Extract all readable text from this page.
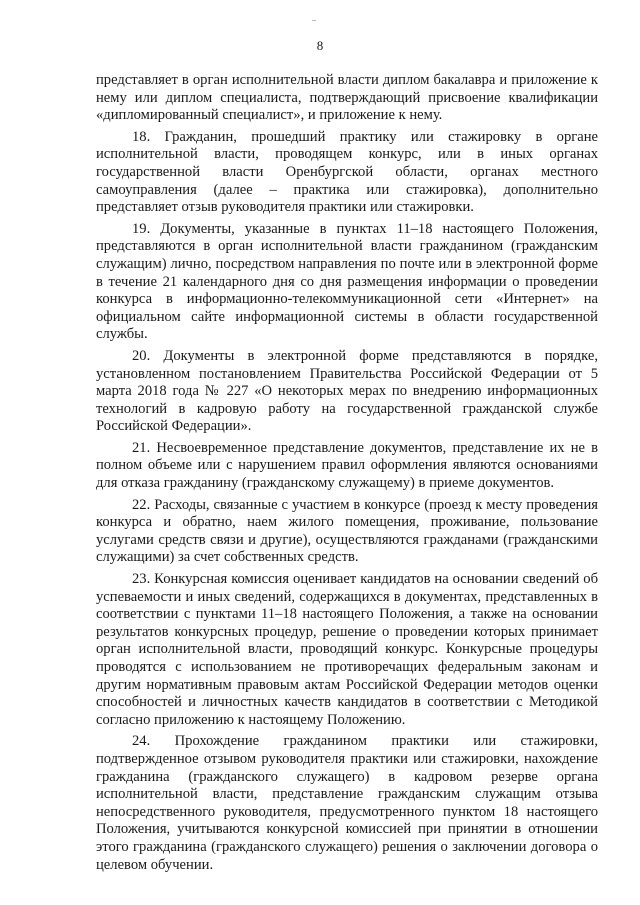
8

представляет в орган исполнительной власти диплом бакалавра и приложение к нему или диплом специалиста, подтверждающий присвоение квалификации «дипломированный специалист», и приложение к нему.

18. Гражданин, прошедший практику или стажировку в органе исполнительной власти, проводящем конкурс, или в иных органах государственной власти Оренбургской области, органах местного самоуправления (далее – практика или стажировка), дополнительно представляет отзыв руководителя практики или стажировки.

19. Документы, указанные в пунктах 11–18 настоящего Положения, представляются в орган исполнительной власти гражданином (гражданским служащим) лично, посредством направления по почте или в электронной форме в течение 21 календарного дня со дня размещения информации о проведении конкурса в информационно-телекоммуникационной сети «Интернет» на официальном сайте информационной системы в области государственной службы.

20. Документы в электронной форме представляются в порядке, установленном постановлением Правительства Российской Федерации от 5 марта 2018 года № 227 «О некоторых мерах по внедрению информационных технологий в кадровую работу на государственной гражданской службе Российской Федерации».

21. Несвоевременное представление документов, представление их не в полном объеме или с нарушением правил оформления являются основаниями для отказа гражданину (гражданскому служащему) в приеме документов.

22. Расходы, связанные с участием в конкурсе (проезд к месту проведения конкурса и обратно, наем жилого помещения, проживание, пользование услугами средств связи и другие), осуществляются гражданами (гражданскими служащими) за счет собственных средств.

23. Конкурсная комиссия оценивает кандидатов на основании сведений об успеваемости и иных сведений, содержащихся в документах, представленных в соответствии с пунктами 11–18 настоящего Положения, а также на основании результатов конкурсных процедур, решение о проведении которых принимает орган исполнительной власти, проводящий конкурс. Конкурсные процедуры проводятся с использованием не противоречащих федеральным законам и другим нормативным правовым актам Российской Федерации методов оценки способностей и личностных качеств кандидатов в соответствии с Методикой согласно приложению к настоящему Положению.

24. Прохождение гражданином практики или стажировки, подтвержденное отзывом руководителя практики или стажировки, нахождение гражданина (гражданского служащего) в кадровом резерве органа исполнительной власти, представление гражданским служащим отзыва непосредственного руководителя, предусмотренного пунктом 18 настоящего Положения, учитываются конкурсной комиссией при принятии в отношении этого гражданина (гражданского служащего) решения о заключении договора о целевом обучении.
